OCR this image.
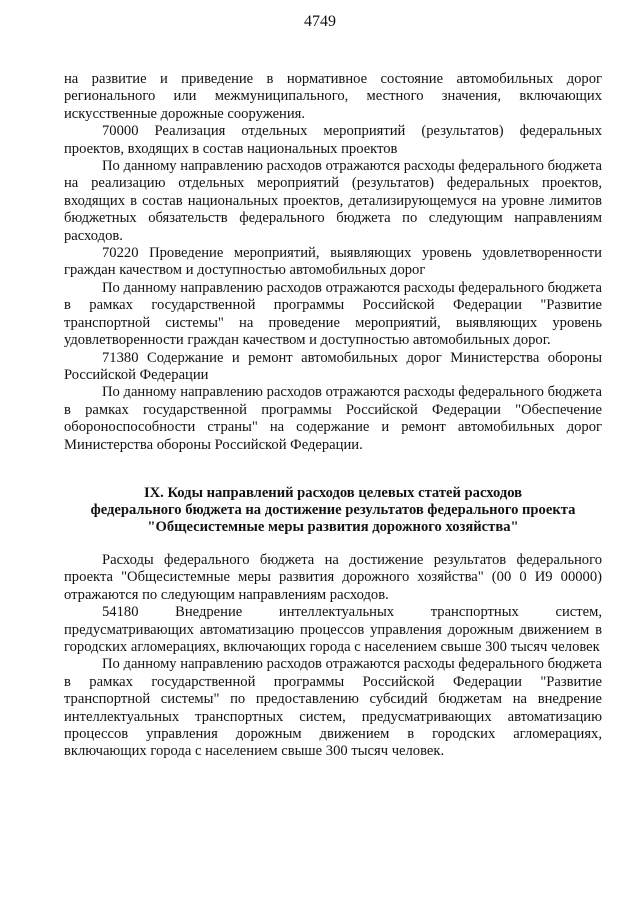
4749

на развитие и приведение в нормативное состояние автомобильных дорог регионального или межмуниципального, местного значения, включающих искусственные дорожные сооружения.

70000 Реализация отдельных мероприятий (результатов) федеральных проектов, входящих в состав национальных проектов

По данному направлению расходов отражаются расходы федерального бюджета на реализацию отдельных мероприятий (результатов) федеральных проектов, входящих в состав национальных проектов, детализирующемуся на уровне лимитов бюджетных обязательств федерального бюджета по следующим направлениям расходов.

70220 Проведение мероприятий, выявляющих уровень удовлетворенности граждан качеством и доступностью автомобильных дорог

По данному направлению расходов отражаются расходы федерального бюджета в рамках государственной программы Российской Федерации "Развитие транспортной системы" на проведение мероприятий, выявляющих уровень удовлетворенности граждан качеством и доступностью автомобильных дорог.

71380 Содержание и ремонт автомобильных дорог Министерства обороны Российской Федерации

По данному направлению расходов отражаются расходы федерального бюджета в рамках государственной программы Российской Федерации "Обеспечение обороноспособности страны" на содержание и ремонт автомобильных дорог Министерства обороны Российской Федерации.

IX. Коды направлений расходов целевых статей расходов
федерального бюджета на достижение результатов федерального проекта
"Общесистемные меры развития дорожного хозяйства"

Расходы федерального бюджета на достижение результатов федерального проекта "Общесистемные меры развития дорожного хозяйства" (00 0 И9 00000) отражаются по следующим направлениям расходов.

54180 Внедрение интеллектуальных транспортных систем, предусматривающих автоматизацию процессов управления дорожным движением в городских агломерациях, включающих города с населением свыше 300 тысяч человек

По данному направлению расходов отражаются расходы федерального бюджета в рамках государственной программы Российской Федерации "Развитие транспортной системы" по предоставлению субсидий бюджетам на внедрение интеллектуальных транспортных систем, предусматривающих автоматизацию процессов управления дорожным движением в городских агломерациях, включающих города с населением свыше 300 тысяч человек.
